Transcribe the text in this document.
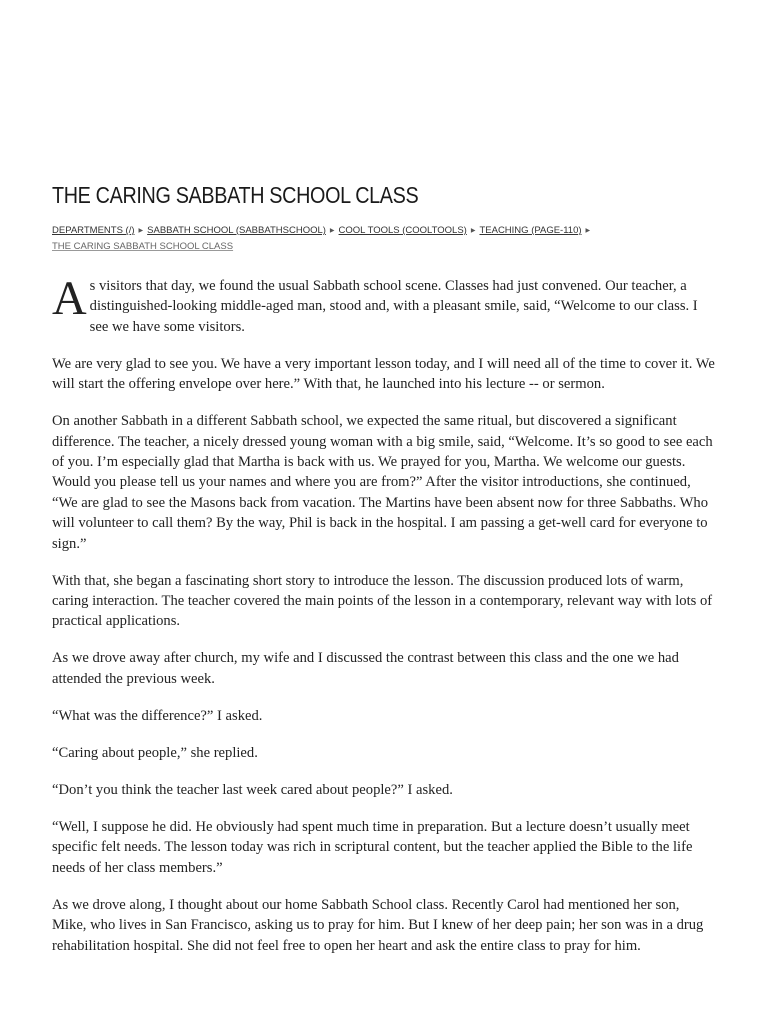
THE CARING SABBATH SCHOOL CLASS
DEPARTMENTS (/) ▶ SABBATH SCHOOL (SABBATHSCHOOL) ▶ COOL TOOLS (COOLTOOLS) ▶ TEACHING (PAGE-110) ▶
THE CARING SABBATH SCHOOL CLASS

As visitors that day, we found the usual Sabbath school scene. Classes had just convened. Our teacher, a distinguished-looking middle-aged man, stood and, with a pleasant smile, said, “Welcome to our class. I see we have some visitors.

We are very glad to see you. We have a very important lesson today, and I will need all of the time to cover it. We will start the offering envelope over here.” With that, he launched into his lecture -- or sermon.

On another Sabbath in a different Sabbath school, we expected the same ritual, but discovered a significant difference. The teacher, a nicely dressed young woman with a big smile, said, “Welcome. It’s so good to see each of you. I’m especially glad that Martha is back with us. We prayed for you, Martha. We welcome our guests. Would you please tell us your names and where you are from?” After the visitor introductions, she continued, “We are glad to see the Masons back from vacation. The Martins have been absent now for three Sabbaths. Who will volunteer to call them? By the way, Phil is back in the hospital. I am passing a get-well card for everyone to sign.”

With that, she began a fascinating short story to introduce the lesson. The discussion produced lots of warm, caring interaction. The teacher covered the main points of the lesson in a contemporary, relevant way with lots of practical applications.

As we drove away after church, my wife and I discussed the contrast between this class and the one we had attended the previous week.

“What was the difference?” I asked.

“Caring about people,” she replied.

“Don’t you think the teacher last week cared about people?” I asked.

“Well, I suppose he did. He obviously had spent much time in preparation. But a lecture doesn’t usually meet specific felt needs. The lesson today was rich in scriptural content, but the teacher applied the Bible to the life needs of her class members.”

As we drove along, I thought about our home Sabbath School class. Recently Carol had mentioned her son, Mike, who lives in San Francisco, asking us to pray for him. But I knew of her deep pain; her son was in a drug rehabilitation hospital. She did not feel free to open her heart and ask the entire class to pray for him.
